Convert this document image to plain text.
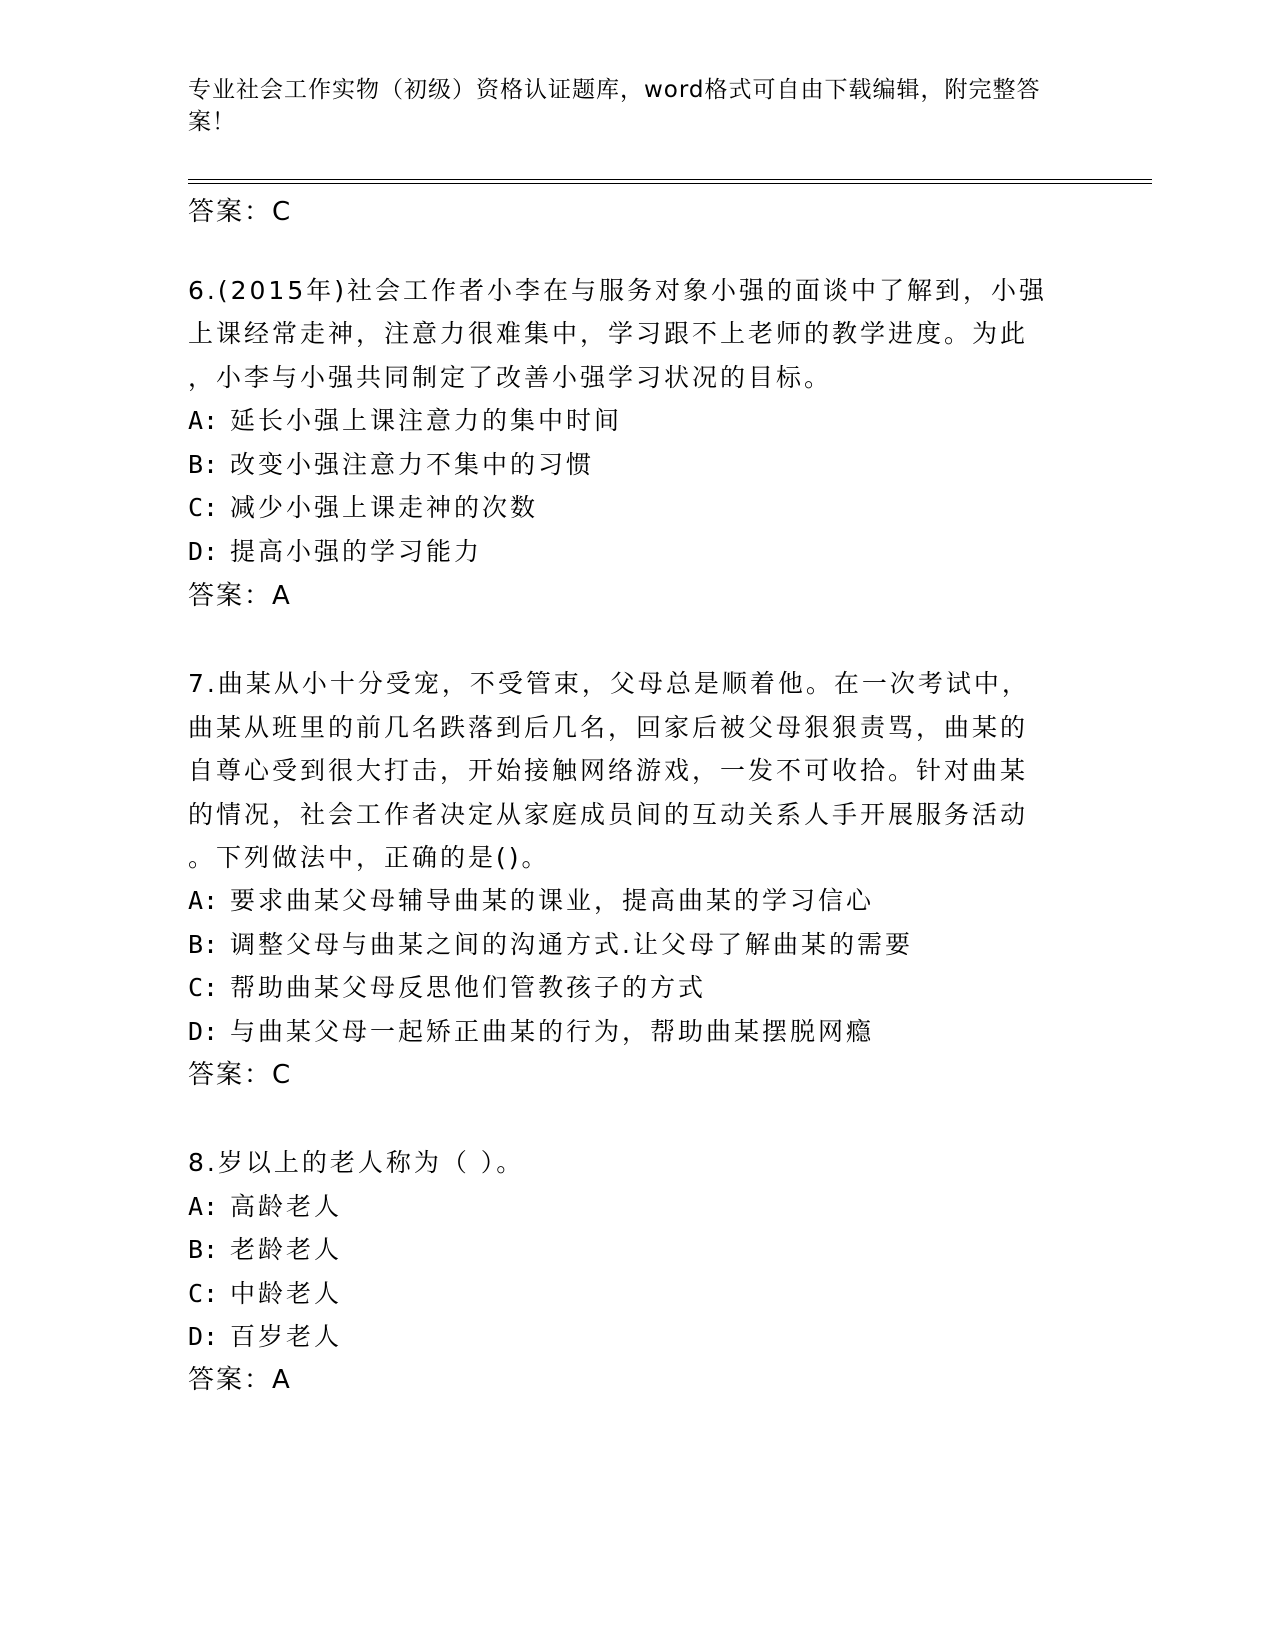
专业社会工作实物（初级）资格认证题库，word格式可自由下载编辑，附完整答
案！
答案：C
6.(2015年)社会工作者小李在与服务对象小强的面谈中了解到，小强
上课经常走神，注意力很难集中，学习跟不上老师的教学进度。为此
，小李与小强共同制定了改善小强学习状况的目标。
A: 延长小强上课注意力的集中时间
B: 改变小强注意力不集中的习惯
C: 减少小强上课走神的次数
D: 提高小强的学习能力
答案：A
7.曲某从小十分受宠，不受管束，父母总是顺着他。在一次考试中，
曲某从班里的前几名跌落到后几名，回家后被父母狠狠责骂，曲某的
自尊心受到很大打击，开始接触网络游戏，一发不可收拾。针对曲某
的情况，社会工作者决定从家庭成员间的互动关系人手开展服务活动
。下列做法中，正确的是()。
A: 要求曲某父母辅导曲某的课业，提高曲某的学习信心
B: 调整父母与曲某之间的沟通方式.让父母了解曲某的需要
C: 帮助曲某父母反思他们管教孩子的方式
D: 与曲某父母一起矫正曲某的行为，帮助曲某摆脱网瘾
答案：C
8.岁以上的老人称为（ ）。
A: 高龄老人
B: 老龄老人
C: 中龄老人
D: 百岁老人
答案：A
